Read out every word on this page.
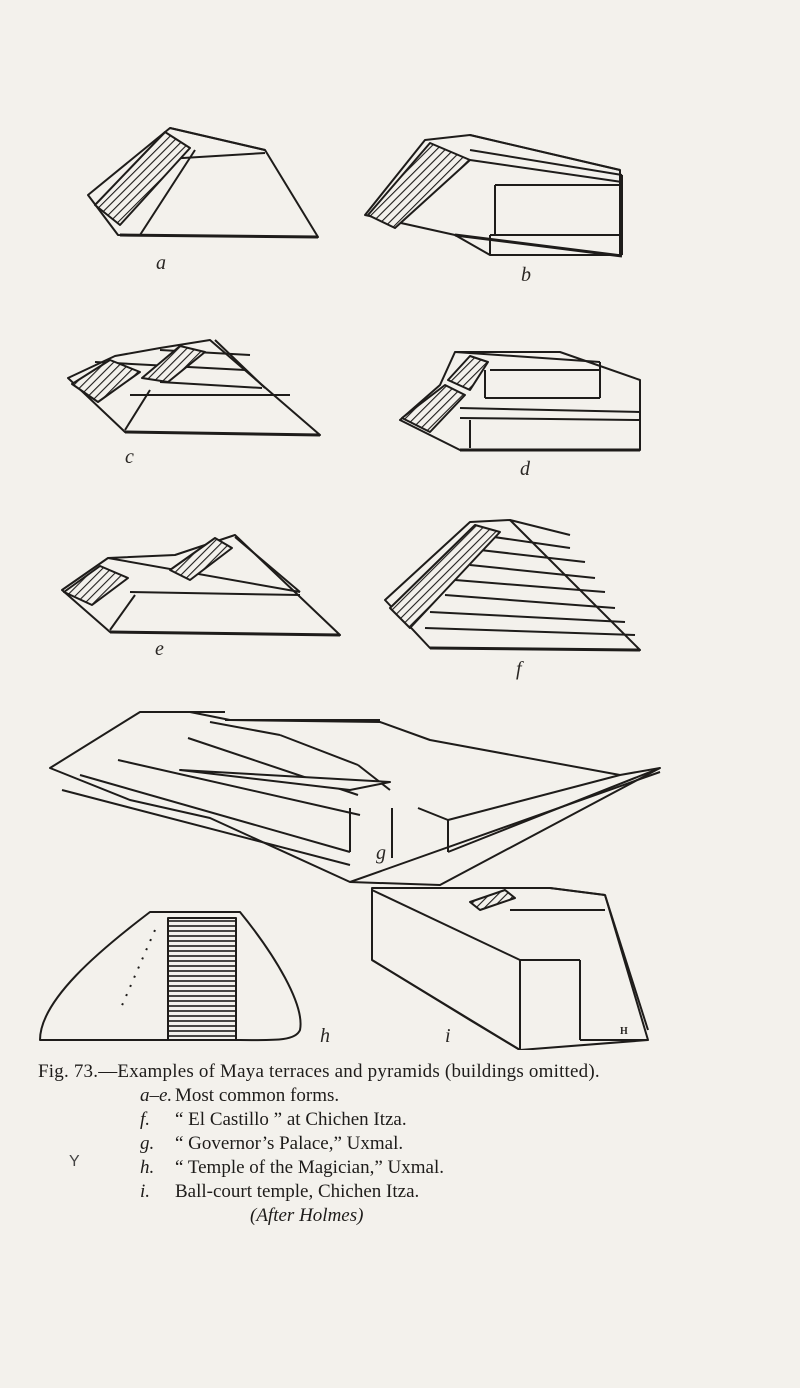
a
b
c
d
e
f
g
h	i	H
Fig. 73.—Examples of Maya terraces and pyramids (buildings omitted).
a–e. Most common forms.
f. “ El Castillo ” at Chichen Itza.
g. “ Governor’s Palace,” Uxmal.
h. “ Temple of the Magician,” Uxmal.
i. Ball-court temple, Chichen Itza.
(After Holmes)
Y
